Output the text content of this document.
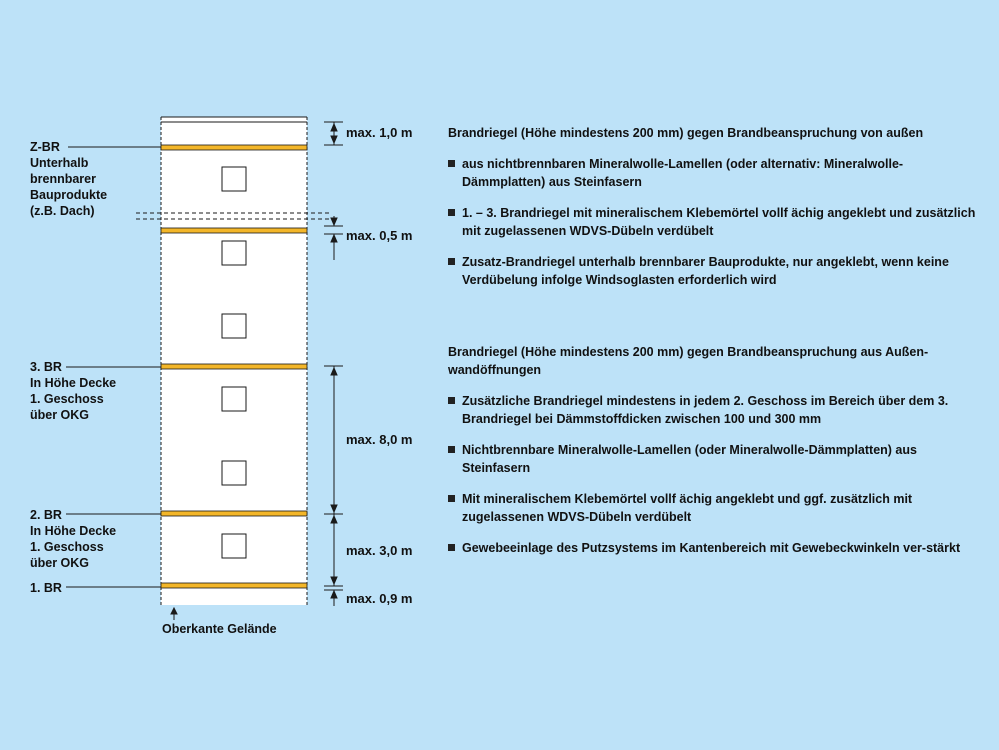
Z-BR
Unterhalb
brennbarer
Bauprodukte
(z.B. Dach)

3. BR
In Höhe Decke
1. Geschoss
über OKG

2. BR
In Höhe Decke
1. Geschoss
über OKG

1. BR

max. 1,0 m

max. 0,5 m

max. 8,0 m

max. 3,0 m

max. 0,9 m

Oberkante Gelände

Brandriegel (Höhe mindestens 200 mm) gegen Brandbeanspruchung von außen

aus nichtbrennbaren Mineralwolle-Lamellen (oder alternativ: Mineralwolle-Dämmplatten) aus Steinfasern
1. – 3. Brandriegel mit mineralischem Klebemörtel vollf ächig angeklebt und zusätzlich mit zugelassenen WDVS-Dübeln verdübelt
Zusatz-Brandriegel unterhalb brennbarer Bauprodukte, nur angeklebt, wenn keine Verdübelung infolge Windsoglasten erforderlich wird

Brandriegel (Höhe mindestens 200 mm) gegen Brandbeanspruchung aus Außen-wandöffnungen

Zusätzliche Brandriegel mindestens in jedem 2. Geschoss im Bereich über dem 3. Brandriegel bei Dämmstoffdicken zwischen 100 und 300 mm
Nichtbrennbare Mineralwolle-Lamellen (oder Mineralwolle-Dämmplatten) aus Steinfasern
Mit mineralischem Klebemörtel vollf ächig angeklebt und ggf. zusätzlich mit zugelassenen WDVS-Dübeln verdübelt
Gewebeeinlage des Putzsystems im Kantenbereich mit Gewebeckwinkeln ver-stärkt
